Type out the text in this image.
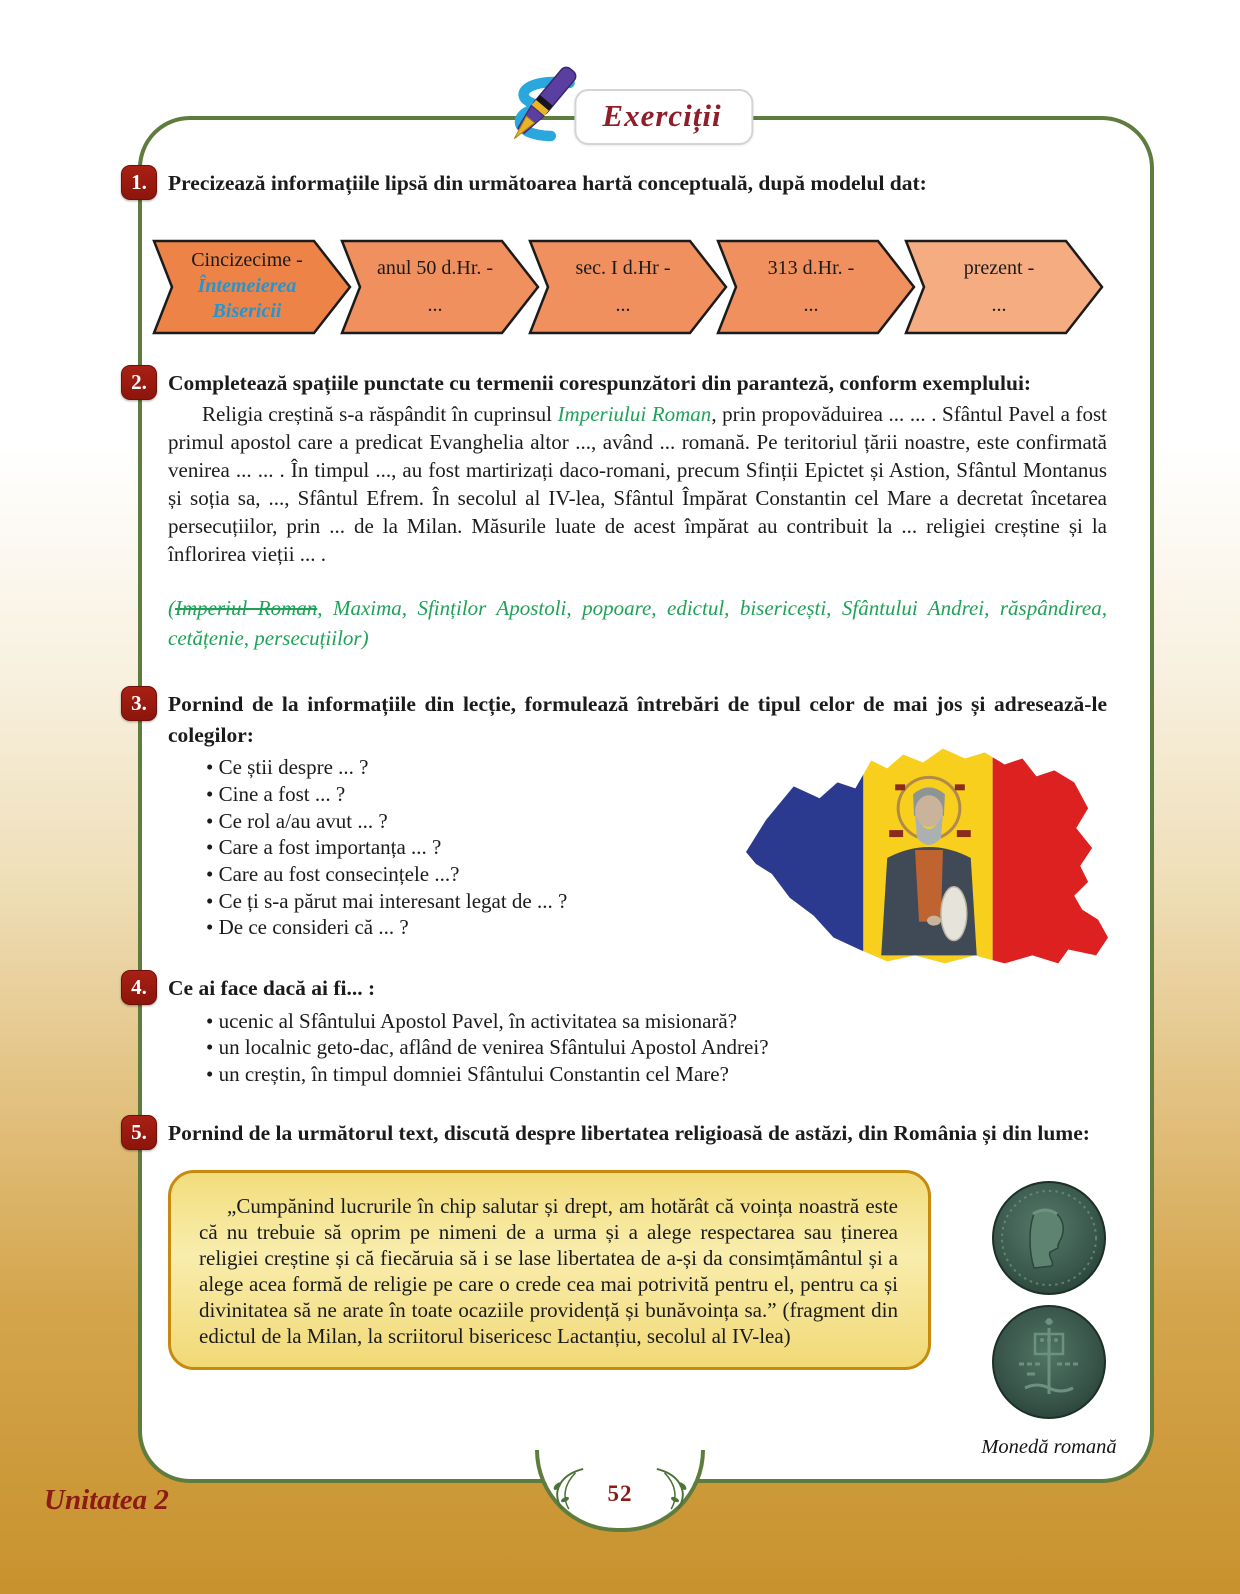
1. Precizează informațiile lipsă din următoarea hartă conceptuală, după modelul dat:
Cincizecime -
Întemeierea Bisericii
anul 50 d.Hr. -
...
sec. I d.Hr -
...
313 d.Hr. -
...
prezent -
...
2. Completează spațiile punctate cu termenii corespunzători din paranteză, conform exemplului:

Religia creștină s-a răspândit în cuprinsul Imperiului Roman, prin propovăduirea ... ... . Sfântul Pavel a fost primul apostol care a predicat Evanghelia altor ..., având ... romană. Pe teritoriul țării noastre, este confirmată venirea ... ... . În timpul ..., au fost martirizați daco-romani, precum Sfinții Epictet și Astion, Sfântul Montanus și soția sa, ..., Sfântul Efrem. În secolul al IV-lea, Sfântul Împărat Constantin cel Mare a decretat încetarea persecuțiilor, prin ... de la Milan. Măsurile luate de acest împărat au contribuit la ... religiei creștine și la înflorirea vieții ... .

(Imperiul Roman, Maxima, Sfinților Apostoli, popoare, edictul, bisericești, Sfântului Andrei, răspândirea, cetățenie, persecuțiilor)

3. Pornind de la informațiile din lecție, formulează întrebări de tipul celor de mai jos și adresează-le colegilor:
• Ce știi despre ... ?
• Cine a fost ... ?
• Ce rol a/au avut ... ?
• Care a fost importanța ... ?
• Care au fost consecințele ...?
• Ce ți s-a părut mai interesant legat de ... ?
• De ce consideri că ... ?
4. Ce ai face dacă ai fi... :
• ucenic al Sfântului Apostol Pavel, în activitatea sa misionară?
• un localnic geto-dac, aflând de venirea Sfântului Apostol Andrei?
• un creștin, în timpul domniei Sfântului Constantin cel Mare?
5. Pornind de la următorul text, discută despre libertatea religioasă de astăzi, din România și din lume:

„Cumpănind lucrurile în chip salutar și drept, am hotărât că voința noastră este că nu trebuie să oprim pe nimeni de a urma și a alege respectarea sau ținerea religiei creștine și că fiecăruia să i se lase libertatea de a-și da consimțământul și a alege acea formă de religie pe care o crede cea mai potrivită pentru el, pentru ca și divinitatea să ne arate în toate ocaziile providență și bunăvoința sa.” (fragment din edictul de la Milan, la scriitorul bisericesc Lactanțiu, secolul al IV-lea)

Monedă romană
Exerciții
Unitatea 2	52
